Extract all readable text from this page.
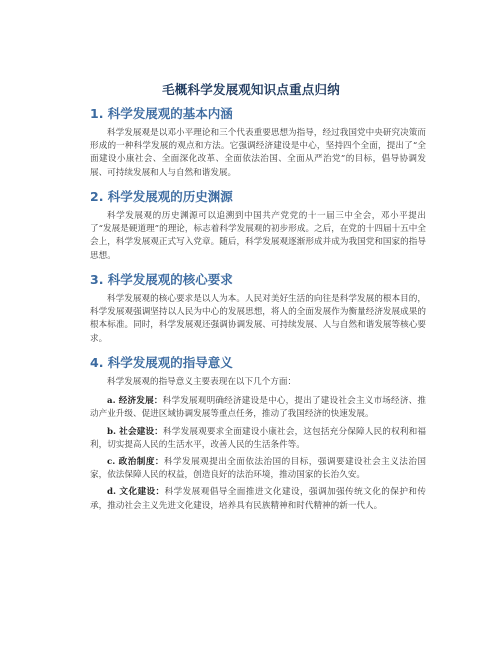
毛概科学发展观知识点重点归纳
1. 科学发展观的基本内涵

科学发展观是以邓小平理论和三个代表重要思想为指导，经过我国党中央研究决策而形成的一种科学发展的观点和方法。它强调经济建设是中心，坚持四个全面，提出了“全面建设小康社会、全面深化改革、全面依法治国、全面从严治党”的目标，倡导协调发展、可持续发展和人与自然和谐发展。

2. 科学发展观的历史渊源

科学发展观的历史渊源可以追溯到中国共产党党的十一届三中全会，邓小平提出了“发展是硬道理”的理论，标志着科学发展观的初步形成。之后，在党的十四届十五中全会上，科学发展观正式写入党章。随后，科学发展观逐渐形成并成为我国党和国家的指导思想。

3. 科学发展观的核心要求

科学发展观的核心要求是以人为本。人民对美好生活的向往是科学发展的根本目的，科学发展观强调坚持以人民为中心的发展思想，将人的全面发展作为衡量经济发展成果的根本标准。同时，科学发展观还强调协调发展、可持续发展、人与自然和谐发展等核心要求。

4. 科学发展观的指导意义

科学发展观的指导意义主要表现在以下几个方面：

a. 经济发展：科学发展观明确经济建设是中心，提出了建设社会主义市场经济、推动产业升级、促进区域协调发展等重点任务，推动了我国经济的快速发展。

b. 社会建设：科学发展观要求全面建设小康社会，这包括充分保障人民的权利和福利，切实提高人民的生活水平，改善人民的生活条件等。

c. 政治制度：科学发展观提出全面依法治国的目标，强调要建设社会主义法治国家，依法保障人民的权益，创造良好的法治环境，推动国家的长治久安。

d. 文化建设：科学发展观倡导全面推进文化建设，强调加强传统文化的保护和传承，推动社会主义先进文化建设，培养具有民族精神和时代精神的新一代人。
